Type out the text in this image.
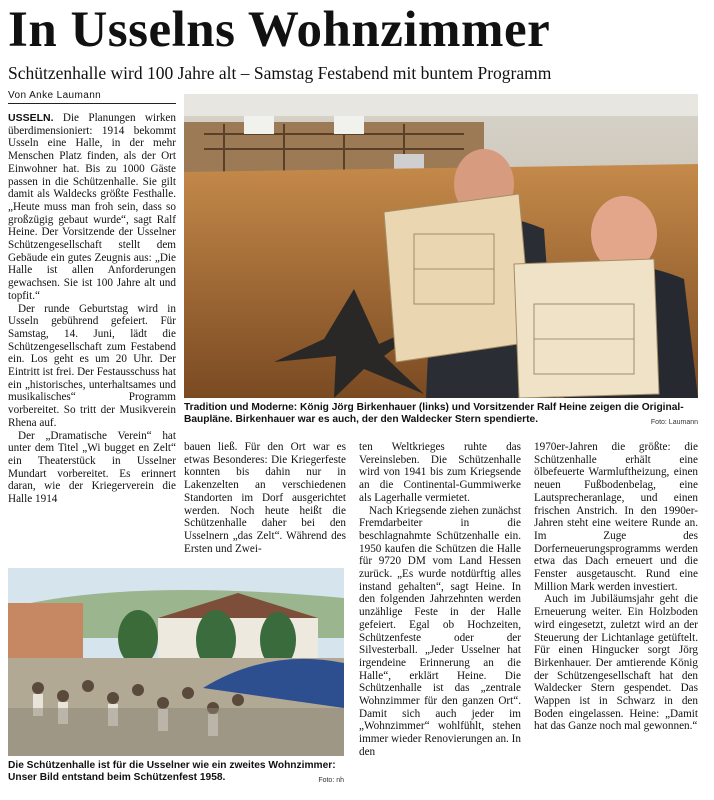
In Usselns Wohnzimmer
Schützenhalle wird 100 Jahre alt – Samstag Festabend mit buntem Programm
Von Anke Laumann

USSELN. Die Planungen wirken überdimensioniert: 1914 bekommt Usseln eine Halle, in der mehr Menschen Platz finden, als der Ort Einwohner hat. Bis zu 1000 Gäste passen in die Schützenhalle. Sie gilt damit als Waldecks größte Festhalle. „Heute muss man froh sein, dass so großzügig gebaut wurde“, sagt Ralf Heine. Der Vorsitzende der Usselner Schützengesellschaft stellt dem Gebäude ein gutes Zeugnis aus: „Die Halle ist allen Anforderungen gewachsen. Sie ist 100 Jahre alt und topfit.“

Der runde Geburtstag wird in Usseln gebührend gefeiert. Für Samstag, 14. Juni, lädt die Schützengesellschaft zum Festabend ein. Los geht es um 20 Uhr. Der Eintritt ist frei. Der Festausschuss hat ein „historisches, unterhaltsames und musikalisches“ Programm vorbereitet. So tritt der Musikverein Rhena auf.

Der „Dramatische Verein“ hat unter dem Titel „Wi bugget en Zelt“ ein Theaterstück in Usselner Mundart vorbereitet. Es erinnert daran, wie der Kriegerverein die Halle 1914

Tradition und Moderne: König Jörg Birkenhauer (links) und Vorsitzender Ralf Heine zeigen die Original-Baupläne. Birkenhauer war es auch, der den Waldecker Stern spendierte.	Foto: Laumann

bauen ließ. Für den Ort war es etwas Besonderes: Die Kriegerfeste konnten bis dahin nur in Lakenzelten an verschiedenen Standorten im Dorf ausgerichtet werden. Noch heute heißt die Schützenhalle daher bei den Usselnern „das Zelt“. Während des Ersten und Zwei-

ten Weltkrieges ruhte das Vereinsleben. Die Schützenhalle wird von 1941 bis zum Kriegsende an die Continental-Gummiwerke als Lagerhalle vermietet.

Nach Kriegsende ziehen zunächst Fremdarbeiter in die beschlagnahmte Schützenhalle ein. 1950 kaufen die Schützen die Halle für 9720 DM vom Land Hessen zurück. „Es wurde notdürftig alles instand gehalten“, sagt Heine. In den folgenden Jahrzehnten werden unzählige Feste in der Halle gefeiert. Egal ob Hochzeiten, Schützenfeste oder der Silvesterball. „Jeder Usselner hat irgendeine Erinnerung an die Halle“, erklärt Heine. Die Schützenhalle ist das „zentrale Wohnzimmer für den ganzen Ort“. Damit sich auch jeder im „Wohnzimmer“ wohlfühlt, stehen immer wieder Renovierungen an. In den

1970er-Jahren die größte: die Schützenhalle erhält eine ölbefeuerte Warmluftheizung, einen neuen Fußbodenbelag, eine Lautsprecheranlage, und einen frischen Anstrich. In den 1990er-Jahren steht eine weitere Runde an. Im Zuge des Dorferneuerungsprogramms werden etwa das Dach erneuert und die Fenster ausgetauscht. Rund eine Million Mark werden investiert.

Auch im Jubiläumsjahr geht die Erneuerung weiter. Ein Holzboden wird eingesetzt, zuletzt wird an der Steuerung der Lichtanlage getüftelt. Für einen Hingucker sorgt Jörg Birkenhauer. Der amtierende König der Schützengesellschaft hat den Waldecker Stern gespendet. Das Wappen ist in Schwarz in den Boden eingelassen. Heine: „Damit hat das Ganze noch mal gewonnen.“

Die Schützenhalle ist für die Usselner wie ein zweites Wohnzimmer: Unser Bild entstand beim Schützenfest 1958.	Foto: nh
